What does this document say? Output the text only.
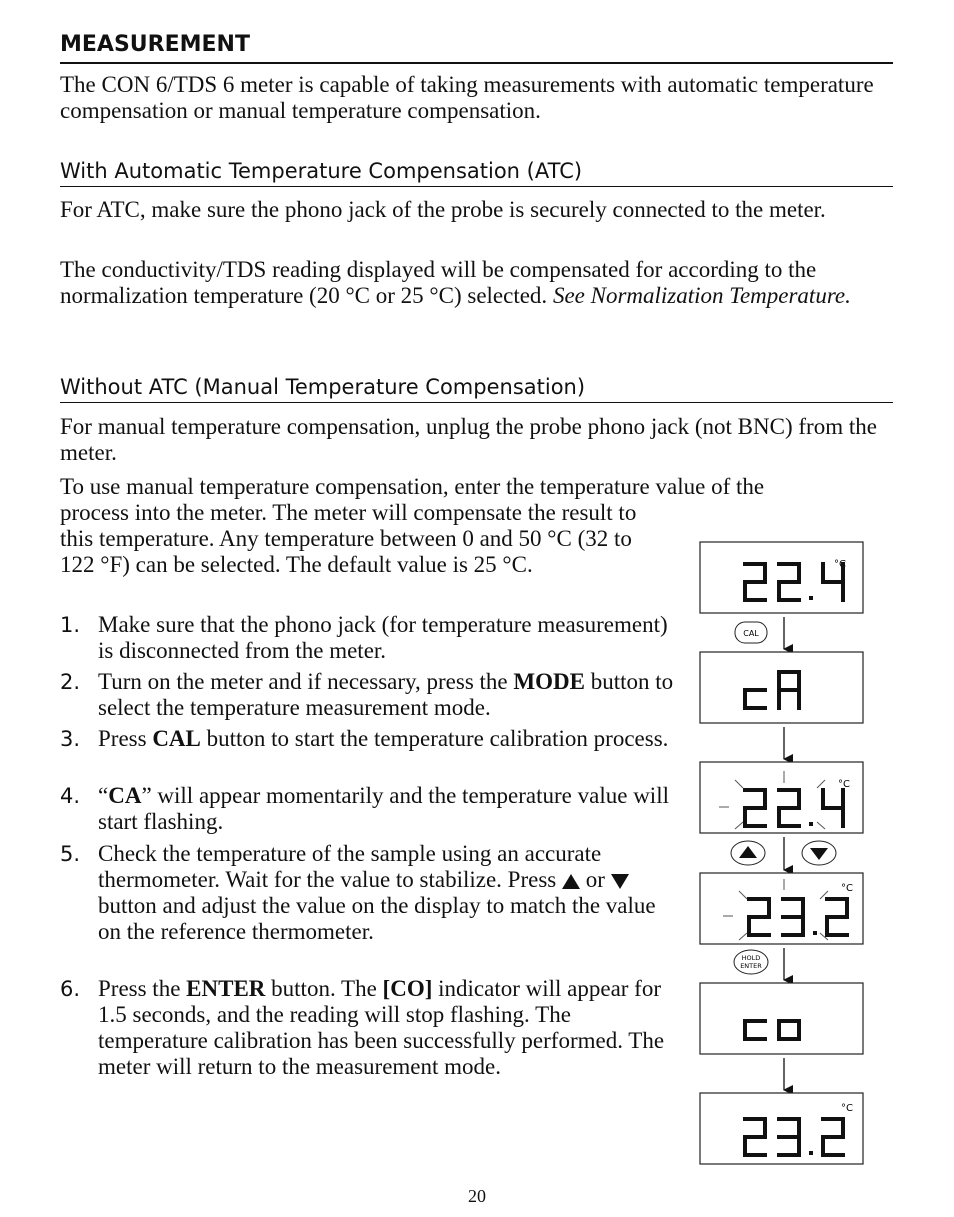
MEASUREMENT

The CON 6/TDS 6 meter is capable of taking measurements with automatic temperature compensation or manual temperature compensation.

With Automatic Temperature Compensation (ATC)

For ATC, make sure the phono jack of the probe is securely connected to the meter.

The conductivity/TDS reading displayed will be compensated for according to the normalization temperature (20 °C or 25 °C) selected. See Normalization Temperature.

Without ATC (Manual Temperature Compensation)

For manual temperature compensation, unplug the probe phono jack (not BNC) from the meter.

To use manual temperature compensation, enter the temperature value of the

process into the meter. The meter will compensate the result to this temperature. Any temperature between 0 and 50 °C (32 to 122 °F) can be selected. The default value is 25 °C.

1. Make sure that the phono jack (for temperature measurement) is disconnected from the meter.
2. Turn on the meter and if necessary, press the MODE button to select the temperature measurement mode.
3. Press CAL button to start the temperature calibration process.
4. “CA” will appear momentarily and the temperature value will start flashing.
5. Check the temperature of the sample using an accurate thermometer. Wait for the value to stabilize. Press  or  button and adjust the value on the display to match the value on the reference thermometer.
6. Press the ENTER button. The [CO] indicator will appear for 1.5 seconds, and the reading will stop flashing. The temperature calibration has been successfully performed. The meter will return to the measurement mode.
°C
CAL
°C
°C
HOLD
ENTER
°C
20
